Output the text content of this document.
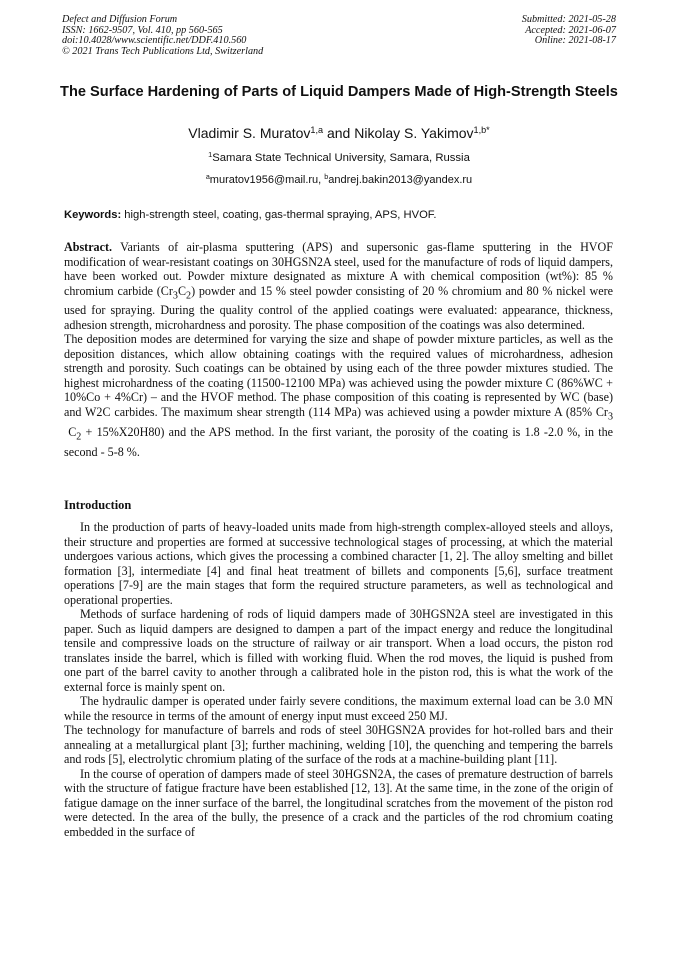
Defect and Diffusion Forum
ISSN: 1662-9507, Vol. 410, pp 560-565
doi:10.4028/www.scientific.net/DDF.410.560
© 2021 Trans Tech Publications Ltd, Switzerland
Submitted: 2021-05-28
Accepted: 2021-06-07
Online: 2021-08-17
The Surface Hardening of Parts of Liquid Dampers Made of High-Strength Steels
Vladimir S. Muratov$^{1,a}$ and Nikolay S. Yakimov$^{1,b*}$
$^1$Samara State Technical University, Samara, Russia
$^a$muratov1956@mail.ru, $^b$andrej.bakin2013@yandex.ru
Keywords: high-strength steel, coating, gas-thermal spraying, APS, HVOF.

Abstract. Variants of air-plasma sputtering (APS) and supersonic gas-flame sputtering in the HVOF modification of wear-resistant coatings on 30HGSN2A steel, used for the manufacture of rods of liquid dampers, have been worked out. Powder mixture designated as mixture A with chemical composition (wt%): 85 % chromium carbide $(Cr_3C_2)$ powder and 15 % steel powder consisting of 20 % chromium and 80 % nickel were used for spraying. During the quality control of the applied coatings were evaluated: appearance, thickness, adhesion strength, microhardness and porosity. The phase composition of the coatings was also determined.

The deposition modes are determined for varying the size and shape of powder mixture particles, as well as the deposition distances, which allow obtaining coatings with the required values of microhardness, adhesion strength and porosity. Such coatings can be obtained by using each of the three powder mixtures studied. The highest microhardness of the coating (11500-12100 MPa) was achieved using the powder mixture C (86%WC + 10%Co + 4%Cr) – and the HVOF method. The phase composition of this coating is represented by WC (base) and W2C carbides. The maximum shear strength (114 MPa) was achieved using a powder mixture A (85% $Cr_3$ $C_2 + 15\%X20H80$) and the APS method. In the first variant, the porosity of the coating is 1.8 -2.0 %, in the second - 5-8 %.

Introduction

In the production of parts of heavy-loaded units made from high-strength complex-alloyed steels and alloys, their structure and properties are formed at successive technological stages of processing, at which the material undergoes various actions, which gives the processing a combined character [1, 2]. The alloy smelting and billet formation [3], intermediate [4] and final heat treatment of billets and components [5,6], surface treatment operations [7-9] are the main stages that form the required structure parameters, as well as technological and operational properties.

Methods of surface hardening of rods of liquid dampers made of 30HGSN2A steel are investigated in this paper. Such as liquid dampers are designed to dampen a part of the impact energy and reduce the longitudinal tensile and compressive loads on the structure of railway or air transport. When a load occurs, the piston rod translates inside the barrel, which is filled with working fluid. When the rod moves, the liquid is pushed from one part of the barrel cavity to another through a calibrated hole in the piston rod, this is what the work of the external force is mainly spent on.

The hydraulic damper is operated under fairly severe conditions, the maximum external load can be 3.0 MN while the resource in terms of the amount of energy input must exceed 250 MJ.

The technology for manufacture of barrels and rods of steel 30HGSN2A provides for hot-rolled bars and their annealing at a metallurgical plant [3]; further machining, welding [10], the quenching and tempering the barrels and rods [5], electrolytic chromium plating of the surface of the rods at a machine-building plant [11].

In the course of operation of dampers made of steel 30HGSN2A, the cases of premature destruction of barrels with the structure of fatigue fracture have been established [12, 13]. At the same time, in the zone of the origin of fatigue damage on the inner surface of the barrel, the longitudinal scratches from the movement of the piston rod were detected. In the area of the bully, the presence of a crack and the particles of the rod chromium coating embedded in the surface of
